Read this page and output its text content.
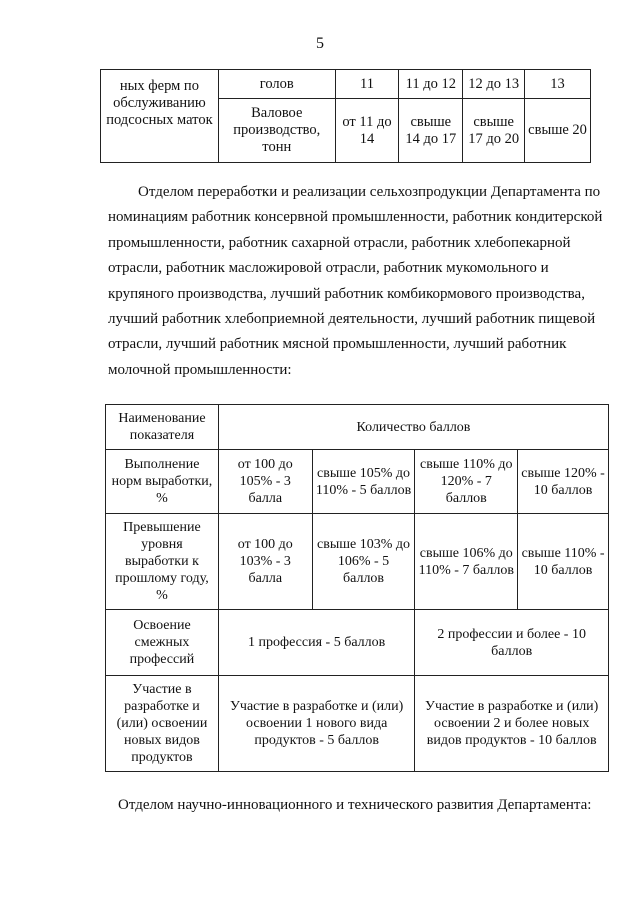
5
ных ферм по обслуживанию подсосных маток	голов	11	11 до 12	12 до 13	13
	Валовое производство, тонн	от 11 до 14	свыше 14 до 17	свыше 17 до 20	свыше 20
Отделом переработки и реализации сельхозпродукции Департамента по
номинациям работник консервной промышленности, работник кондитерской
промышленности, работник сахарной отрасли, работник хлебопекарной
отрасли, работник масложировой отрасли, работник мукомольного и
крупяного производства, лучший работник комбикормового производства,
лучший работник хлебоприемной деятельности, лучший работник пищевой
отрасли, лучший работник мясной промышленности, лучший работник
молочной промышленности:
Наименование показателя	Количество баллов			
Выполнение норм выработки, %	от 100 до 105% - 3 балла	свыше 105% до 110% - 5 баллов	свыше 110% до 120% - 7 баллов	свыше 120% - 10 баллов
Превышение уровня выработки к прошлому году, %	от 100 до 103% - 3 балла	свыше 103% до 106% - 5 баллов	свыше 106% до 110% - 7 баллов	свыше 110% - 10 баллов
Освоение смежных профессий	1 профессия - 5 баллов		2 профессии и более - 10 баллов	
Участие в разработке и (или) освоении новых видов продуктов	Участие в разработке и (или) освоении 1 нового вида продуктов - 5 баллов		Участие в разработке и (или) освоении 2 и более новых видов продуктов - 10 баллов	
Отделом научно-инновационного и технического развития Департамента:
